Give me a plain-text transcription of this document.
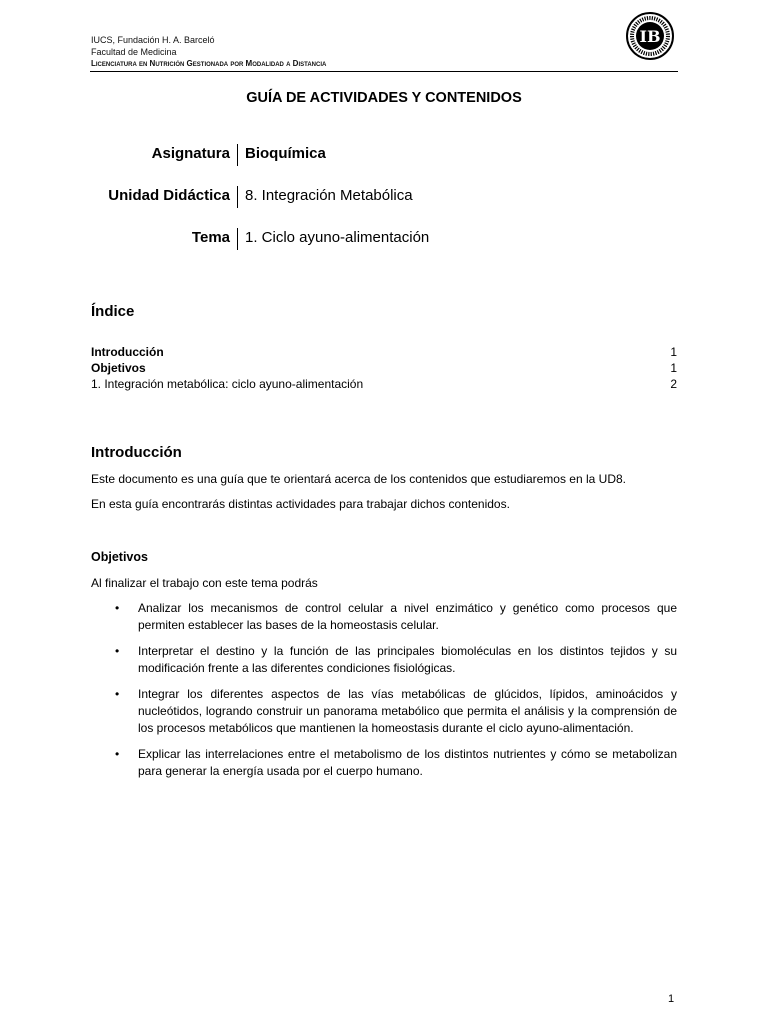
IUCS, Fundación H. A. Barceló
Facultad de Medicina
Licenciatura en Nutrición Gestionada por Modalidad a Distancia
IB
GUÍA DE ACTIVIDADES Y CONTENIDOS
Asignatura Bioquímica
Unidad Didáctica 8. Integración Metabólica
Tema 1. Ciclo ayuno-alimentación
Índice
Introducción	1
Objetivos	1
1. Integración metabólica: ciclo ayuno-alimentación	2
Introducción
Este documento es una guía que te orientará acerca de los contenidos que estudiaremos en la UD8.
En esta guía encontrarás distintas actividades para trabajar dichos contenidos.
Objetivos
Al finalizar el trabajo con este tema podrás
• Analizar los mecanismos de control celular a nivel enzimático y genético como procesos que permiten establecer las bases de la homeostasis celular.
• Interpretar el destino y la función de las principales biomoléculas en los distintos tejidos y su modificación frente a las diferentes condiciones fisiológicas.
• Integrar los diferentes aspectos de las vías metabólicas de glúcidos, lípidos, aminoácidos y nucleótidos, logrando construir un panorama metabólico que permita el análisis y la comprensión de los procesos metabólicos que mantienen la homeostasis durante el ciclo ayuno-alimentación.
• Explicar las interrelaciones entre el metabolismo de los distintos nutrientes y cómo se metabolizan para generar la energía usada por el cuerpo humano.
1
